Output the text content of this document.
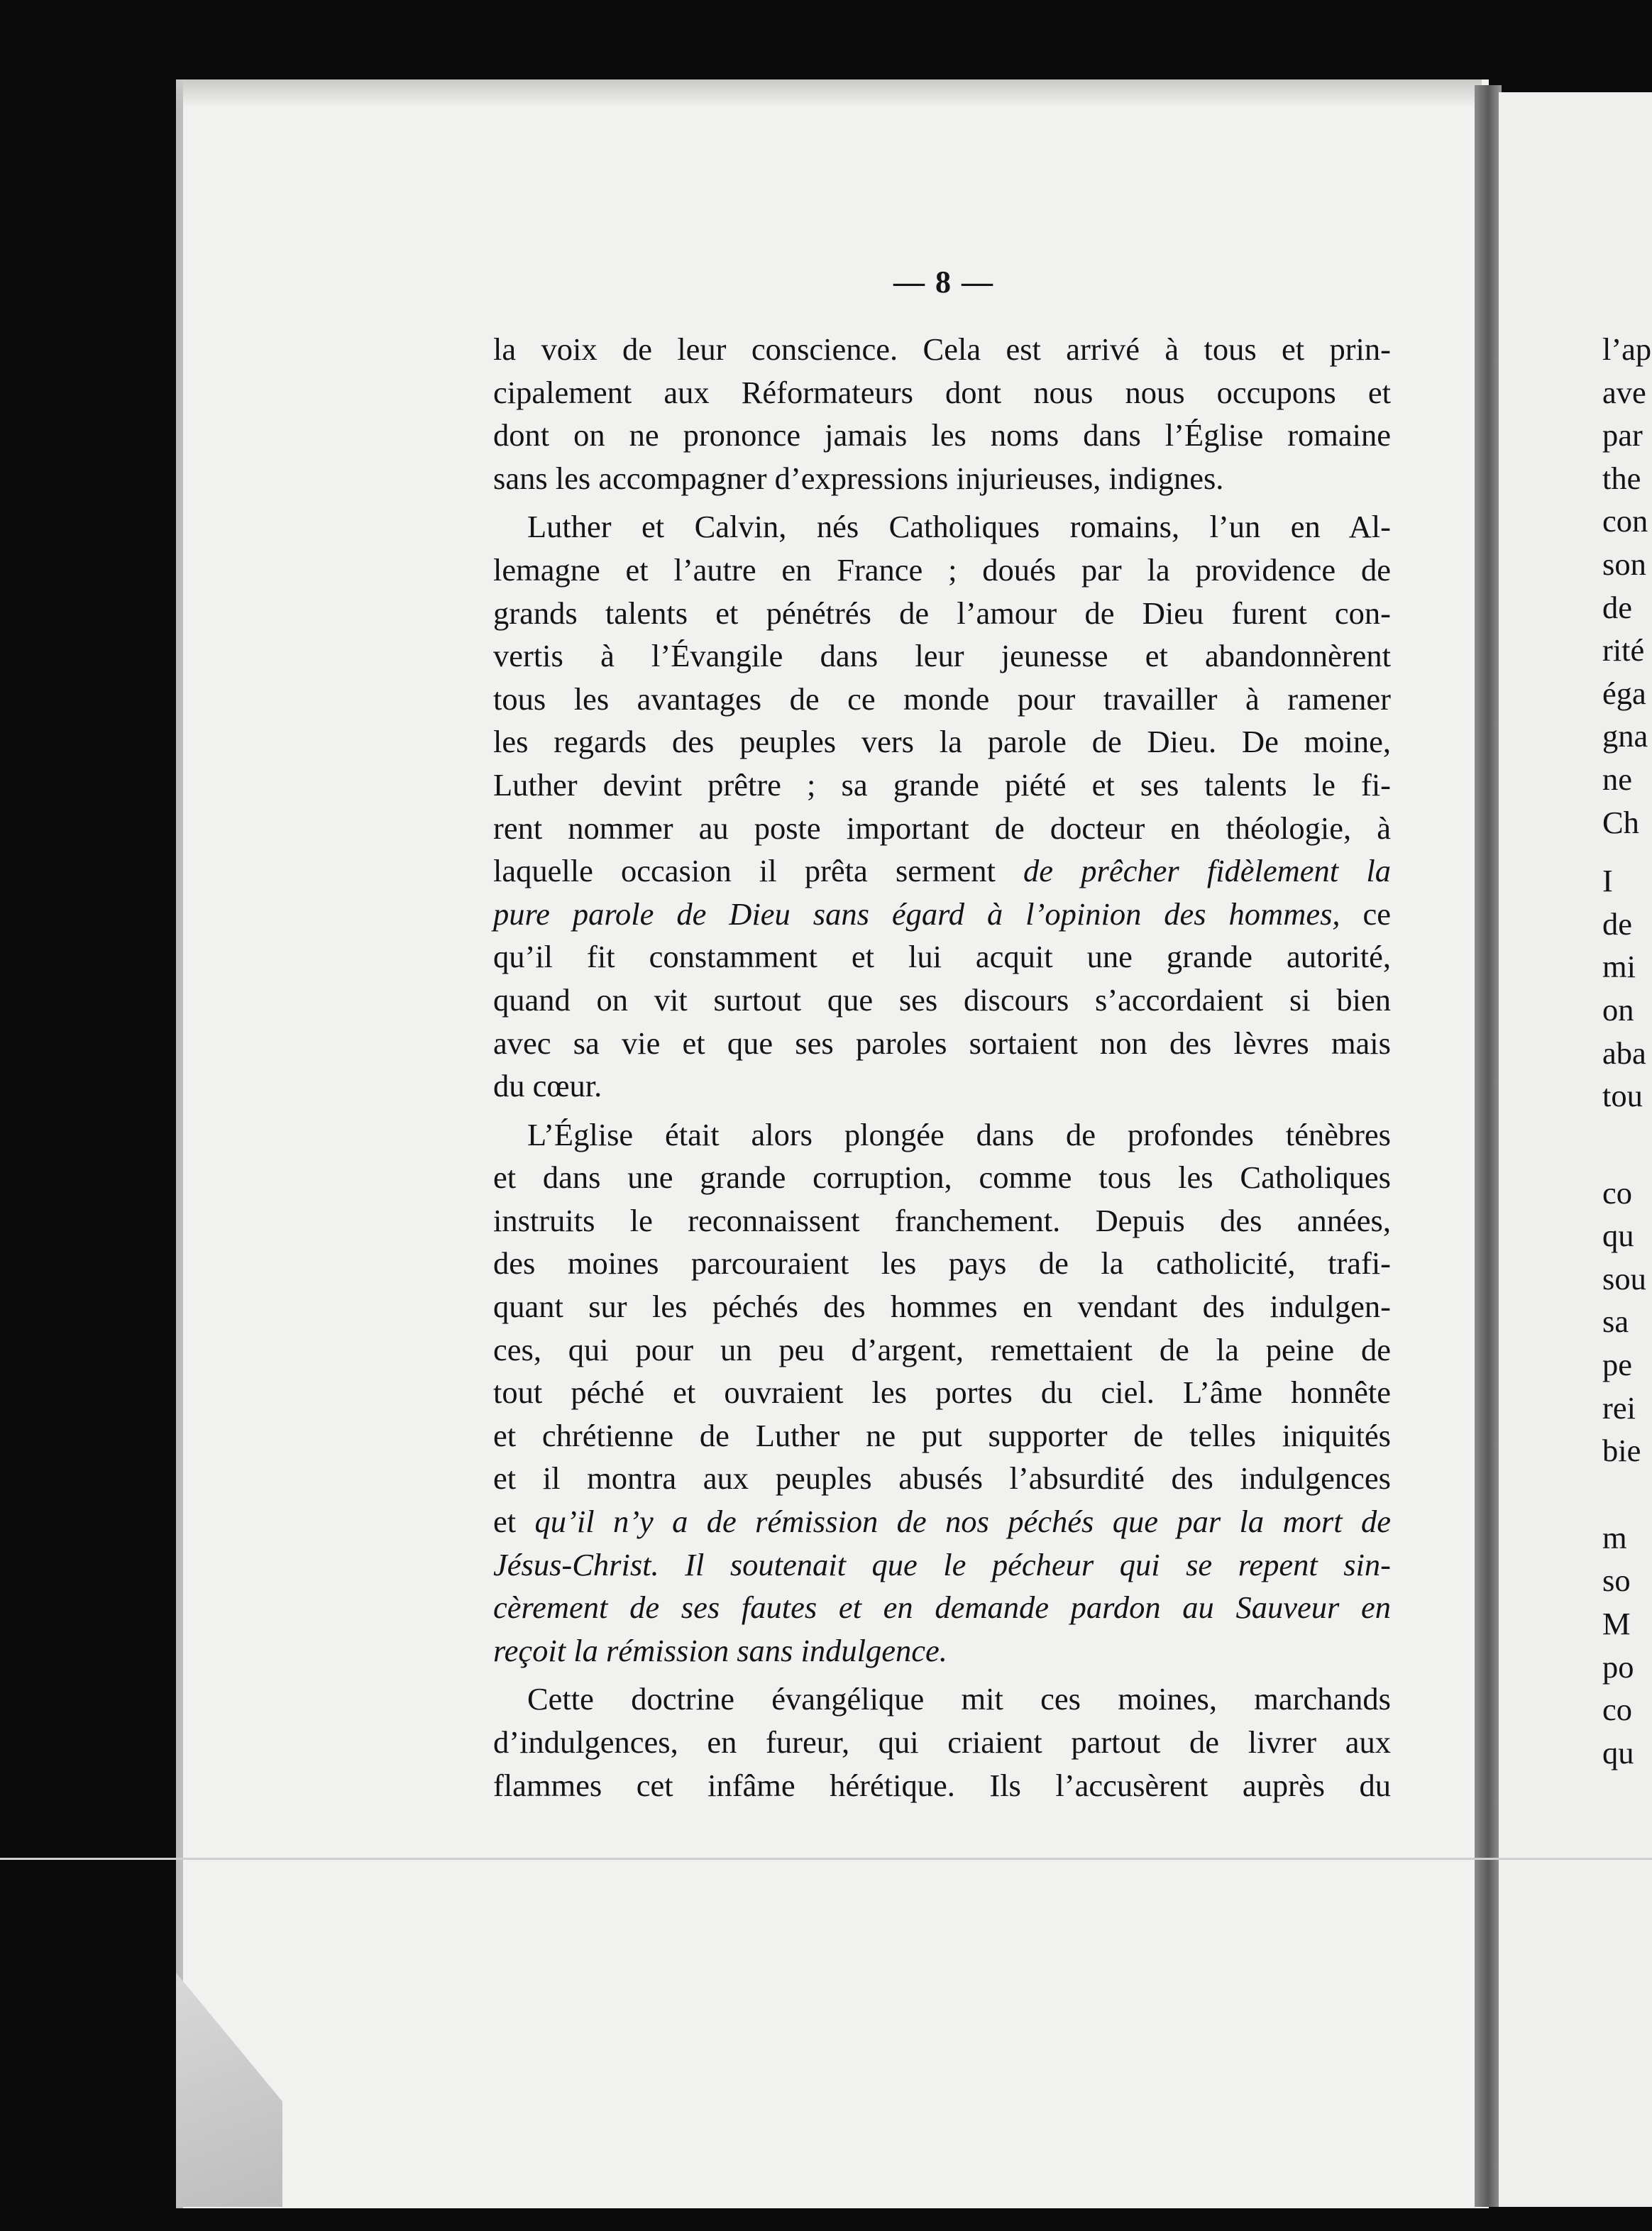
— 8 —
la voix de leur conscience. Cela est arrivé à tous et prin-
cipalement aux Réformateurs dont nous nous occupons et
dont on ne prononce jamais les noms dans l’Église romaine
sans les accompagner d’expressions injurieuses, indignes.
Luther et Calvin, nés Catholiques romains, l’un en Al-
lemagne et l’autre en France ; doués par la providence de
grands talents et pénétrés de l’amour de Dieu furent con-
vertis à l’Évangile dans leur jeunesse et abandonnèrent
tous les avantages de ce monde pour travailler à ramener
les regards des peuples vers la parole de Dieu. De moine,
Luther devint prêtre ; sa grande piété et ses talents le fi-
rent nommer au poste important de docteur en théologie, à
laquelle occasion il prêta serment de prêcher fidèlement la
pure parole de Dieu sans égard à l’opinion des hommes, ce
qu’il fit constamment et lui acquit une grande autorité,
quand on vit surtout que ses discours s’accordaient si bien
avec sa vie et que ses paroles sortaient non des lèvres mais
du cœur.
L’Église était alors plongée dans de profondes ténèbres
et dans une grande corruption, comme tous les Catholiques
instruits le reconnaissent franchement. Depuis des années,
des moines parcouraient les pays de la catholicité, trafi-
quant sur les péchés des hommes en vendant des indulgen-
ces, qui pour un peu d’argent, remettaient de la peine de
tout péché et ouvraient les portes du ciel. L’âme honnête
et chrétienne de Luther ne put supporter de telles iniquités
et il montra aux peuples abusés l’absurdité des indulgences
et qu’il n’y a de rémission de nos péchés que par la mort de
Jésus-Christ. Il soutenait que le pécheur qui se repent sin-
cèrement de ses fautes et en demande pardon au Sauveur en
reçoit la rémission sans indulgence.
Cette doctrine évangélique mit ces moines, marchands
d’indulgences, en fureur, qui criaient partout de livrer aux
flammes cet infâme hérétique. Ils l’accusèrent auprès du
l’ap
ave
par
the
con
son
de
rité
éga
gna
ne
Ch
I
de
mi
on
aba
tou
co
qu
sou
sa
pe
rei
bie
m
so
M
po
co
qu
